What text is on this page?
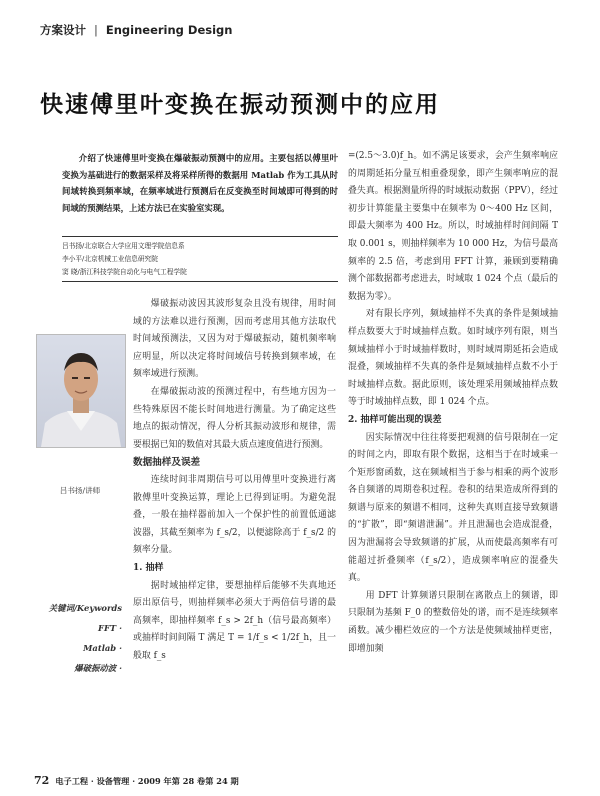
方案设计 | Engineering Design
快速傅里叶变换在振动预测中的应用
介绍了快速傅里叶变换在爆破振动预测中的应用。主要包括以傅里叶变换为基础进行的数据采样及将采样所得的数据用 Matlab 作为工具从时间域转换到频率域，在频率域进行预测后在反变换至时间域即可得到的时间域的预测结果，上述方法已在实验室实现。
吕书扬/北京联合大学应用文理学院信息系
李小平/北京机械工业信息研究院
窦 晓/浙江科技学院自动化与电气工程学院
吕书扬/讲师

爆破振动波因其波形复杂且没有规律，用时间域的方法难以进行预测，因而考虑用其他方法取代时间域预测法，又因为对于爆破振动，随机频率响应明显，所以决定将时间域信号转换到频率域，在频率域进行预测。

在爆破振动波的预测过程中，有些地方因为一些特殊原因不能长时间地进行测量。为了确定这些地点的振动情况，得人分析其振动波形和规律，需要根据已知的数值对其最大质点速度值进行预测。

数据抽样及误差

连续时间非周期信号可以用傅里叶变换进行离散傅里叶变换运算，理论上已得到证明。为避免混叠，一般在抽样器前加入一个保护性的前置低通滤波器，其截至频率为 f_s/2，以便滤除高于 f_s/2 的频率分量。

1. 抽样

据时域抽样定律，要想抽样后能够不失真地还原出原信号，则抽样频率必须大于两倍信号谱的最高频率，即抽样频率 f_s > 2f_h（信号最高频率）或抽样时间间隔 T 满足 T = 1/f_s < 1/2f_h，且一般取 f_s

关键词/Keywords
FFT ·
Matlab ·
爆破振动波 ·

=(2.5～3.0)f_h。如不满足该要求，会产生频率响应的周期延拓分量互相重叠现象，即产生频率响应的混叠失真。根据测量所得的时域振动数据（PPV），经过初步计算能量主要集中在频率为 0～400 Hz 区间，即最大频率为 400 Hz。所以，时域抽样时间间隔 T 取 0.001 s，则抽样频率为 10 000 Hz，为信号最高频率的 2.5 倍，考虑到用 FFT 计算，兼顾到要精确测个部数据都考虑进去，时域取 1 024 个点（最后的数据为零）。

对有限长序列，频域抽样不失真的条件是频域抽样点数要大于时域抽样点数。如时域序列有限，则当频域抽样小于时域抽样数时，则时域周期延拓会造成混叠，频域抽样不失真的条件是频域抽样点数不小于时域抽样点数。据此原则，该处理采用频域抽样点数等于时域抽样点数，即 1 024 个点。

2. 抽样可能出现的误差

因实际情况中往往将要把观测的信号限制在一定的时间之内，即取有限个数据，这相当于在时域乘一个矩形窗函数，这在频域相当于参与相乘的两个波形各自频谱的周期卷积过程。卷积的结果造成所得到的频谱与原来的频谱不相同，这种失真则直接导致频谱的“扩散”，即“频谱泄漏”。并且泄漏也会造成混叠，因为泄漏将会导致频谱的扩展，从而使最高频率有可能超过折叠频率（f_s/2），造成频率响应的混叠失真。

用 DFT 计算频谱只限制在离散点上的频谱，即只限制为基频 F_0 的整数倍处的谱，而不是连续频率函数。减少栅栏效应的一个方法是使频域抽样更密，即增加频

72 电子工程 · 设备管理 · 2009 年第 28 卷第 24 期
